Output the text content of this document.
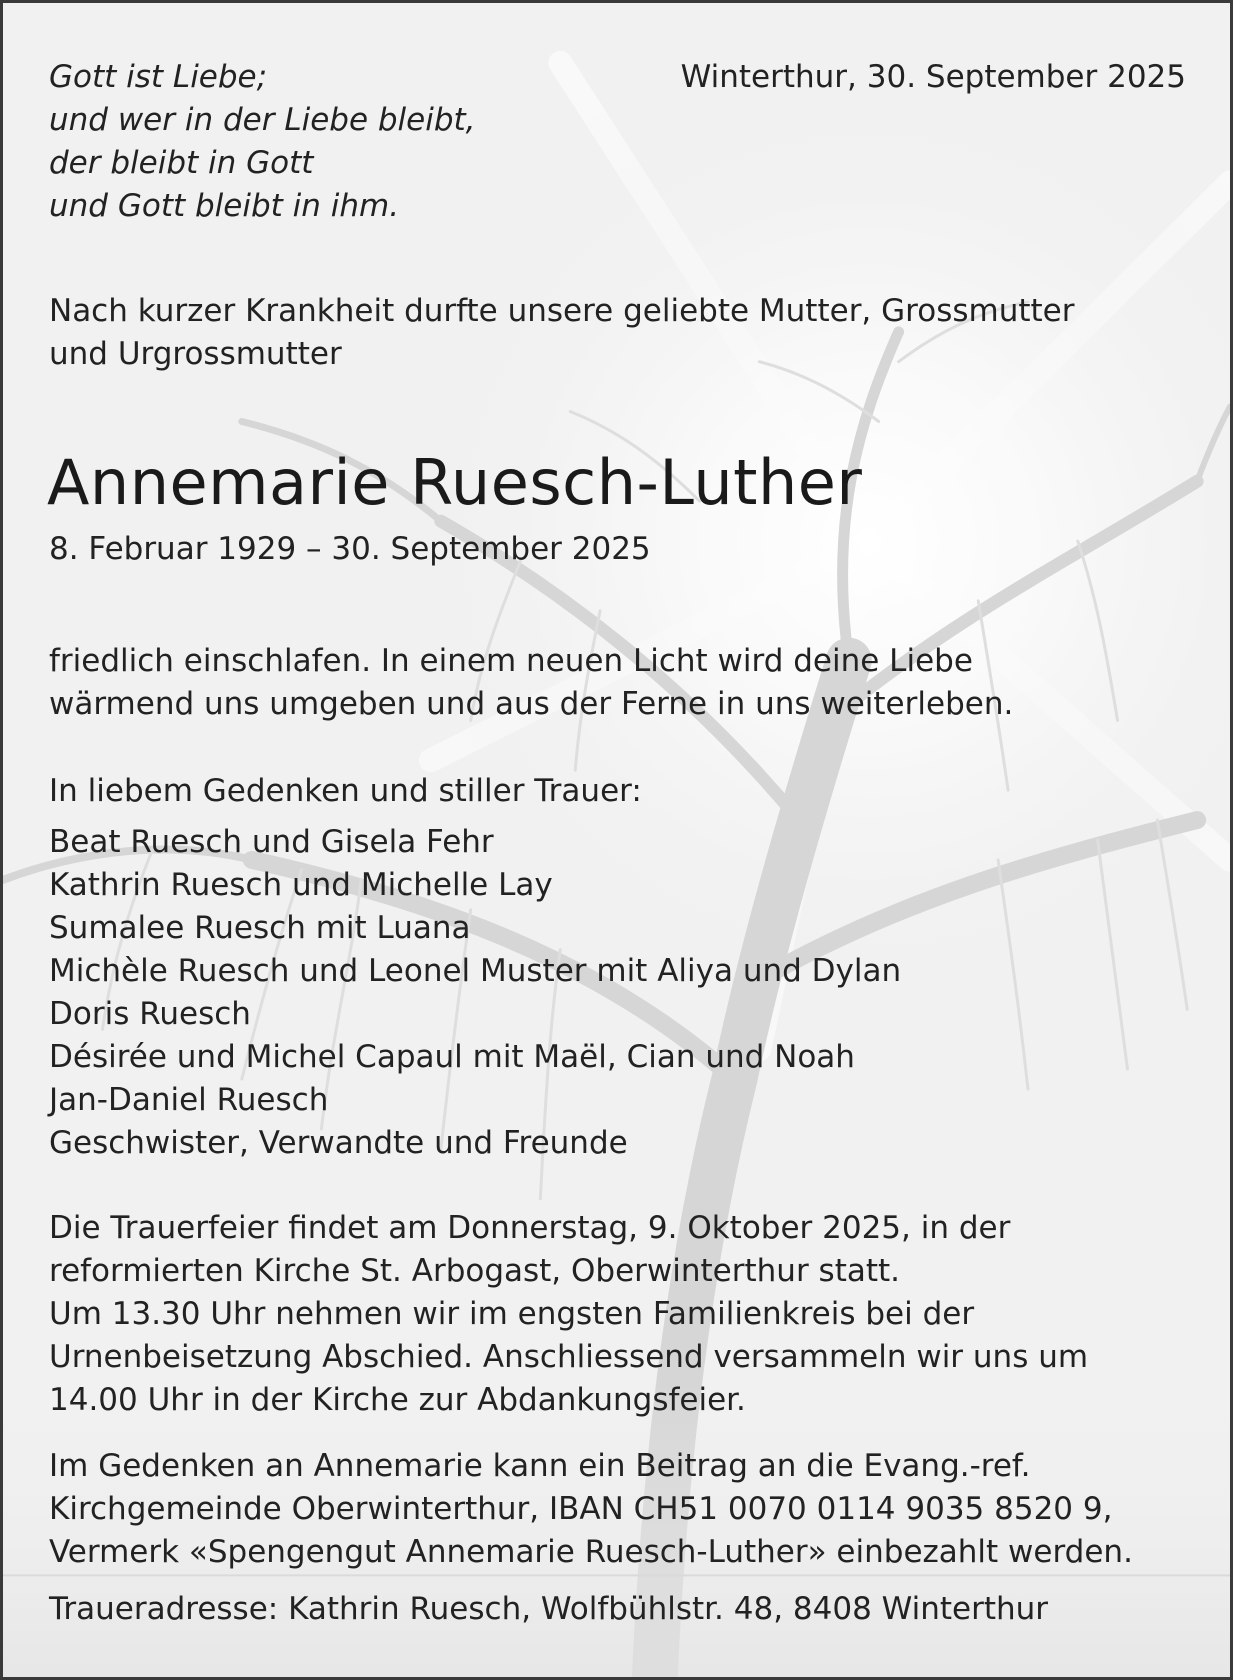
Gott ist Liebe;
und wer in der Liebe bleibt,
der bleibt in Gott
und Gott bleibt in ihm.
Winterthur, 30. September 2025
Nach kurzer Krankheit durfte unsere geliebte Mutter, Grossmutter
und Urgrossmutter
Annemarie Ruesch-Luther
8. Februar 1929 – 30. September 2025
friedlich einschlafen. In einem neuen Licht wird deine Liebe
wärmend uns umgeben und aus der Ferne in uns weiterleben.
In liebem Gedenken und stiller Trauer:
Beat Ruesch und Gisela Fehr
Kathrin Ruesch und Michelle Lay
Sumalee Ruesch mit Luana
Michèle Ruesch und Leonel Muster mit Aliya und Dylan
Doris Ruesch
Désirée und Michel Capaul mit Maël, Cian und Noah
Jan-Daniel Ruesch
Geschwister, Verwandte und Freunde
Die Trauerfeier findet am Donnerstag, 9. Oktober 2025, in der
reformierten Kirche St. Arbogast, Oberwinterthur statt.
Um 13.30 Uhr nehmen wir im engsten Familienkreis bei der
Urnenbeisetzung Abschied. Anschliessend versammeln wir uns um
14.00 Uhr in der Kirche zur Abdankungsfeier.
Im Gedenken an Annemarie kann ein Beitrag an die Evang.-ref.
Kirchgemeinde Oberwinterthur, IBAN CH51 0070 0114 9035 8520 9,
Vermerk «Spengengut Annemarie Ruesch-Luther» einbezahlt werden.
Traueradresse: Kathrin Ruesch, Wolfbühlstr. 48, 8408 Winterthur
